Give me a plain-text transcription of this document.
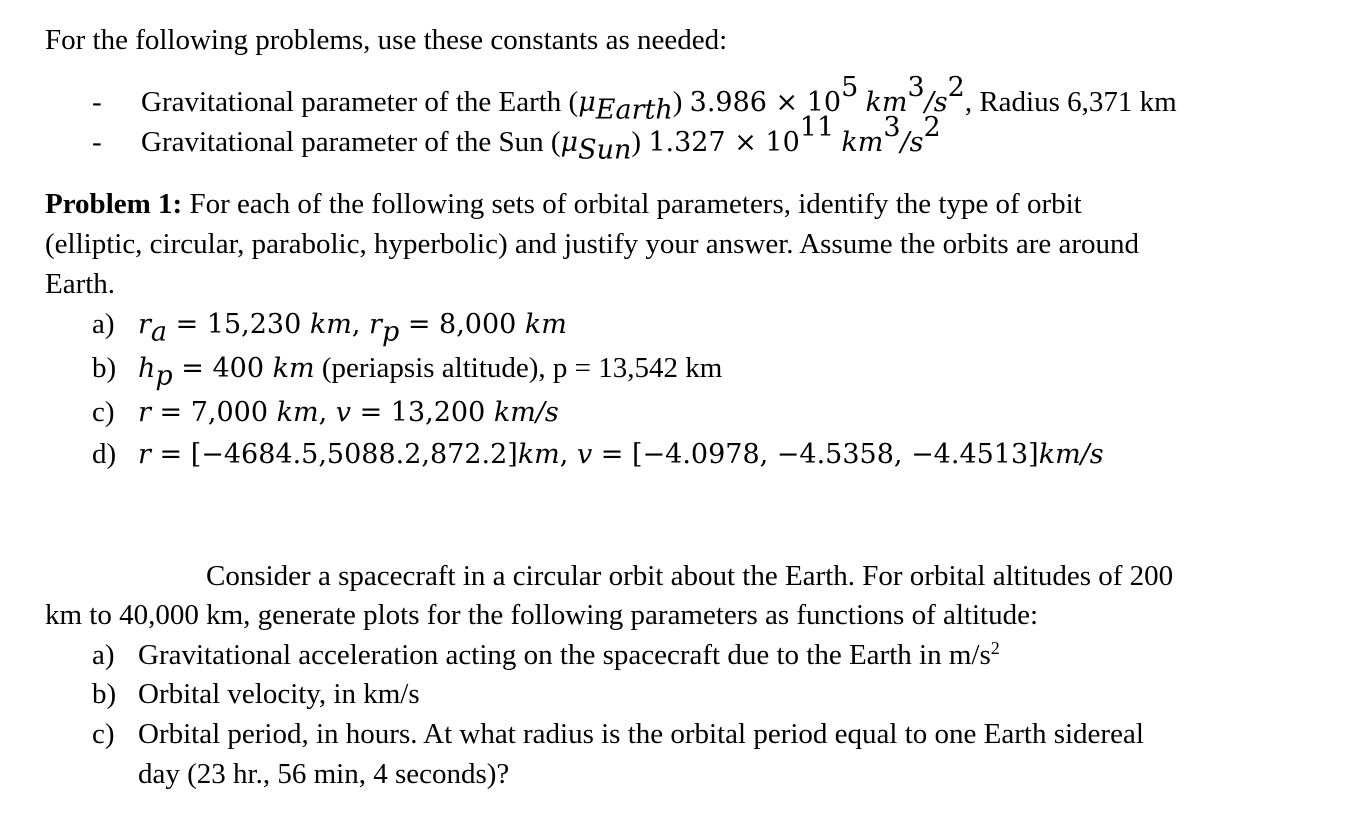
For the following problems, use these constants as needed:
- Gravitational parameter of the Earth $(\mu_{Earth}) 3.986 \times 10^5$ $km^3/s^2$, Radius 6,371 km
- Gravitational parameter of the Sun $(\mu_{Sun}) 1.327 \times 10^{11}$ $km^3/s^2$
Problem 1: For each of the following sets of orbital parameters, identify the type of orbit
(elliptic, circular, parabolic, hyperbolic) and justify your answer. Assume the orbits are around
Earth.
a) $r_a = 15,230$ km, $r_p = 8,000$ km
b) $h_p = 400$ km (periapsis altitude), p = 13,542 km
c) r = 7,000 km, v = 13,200 km/s
d) r = [−4684.5,5088.2,872.2]km, v = [−4.0978, −4.5358, −4.4513]km/s
Consider a spacecraft in a circular orbit about the Earth. For orbital altitudes of 200
km to 40,000 km, generate plots for the following parameters as functions of altitude:
a) Gravitational acceleration acting on the spacecraft due to the Earth in $m/s^2$
b) Orbital velocity, in km/s
c) Orbital period, in hours. At what radius is the orbital period equal to one Earth sidereal
day (23 hr., 56 min, 4 seconds)?
